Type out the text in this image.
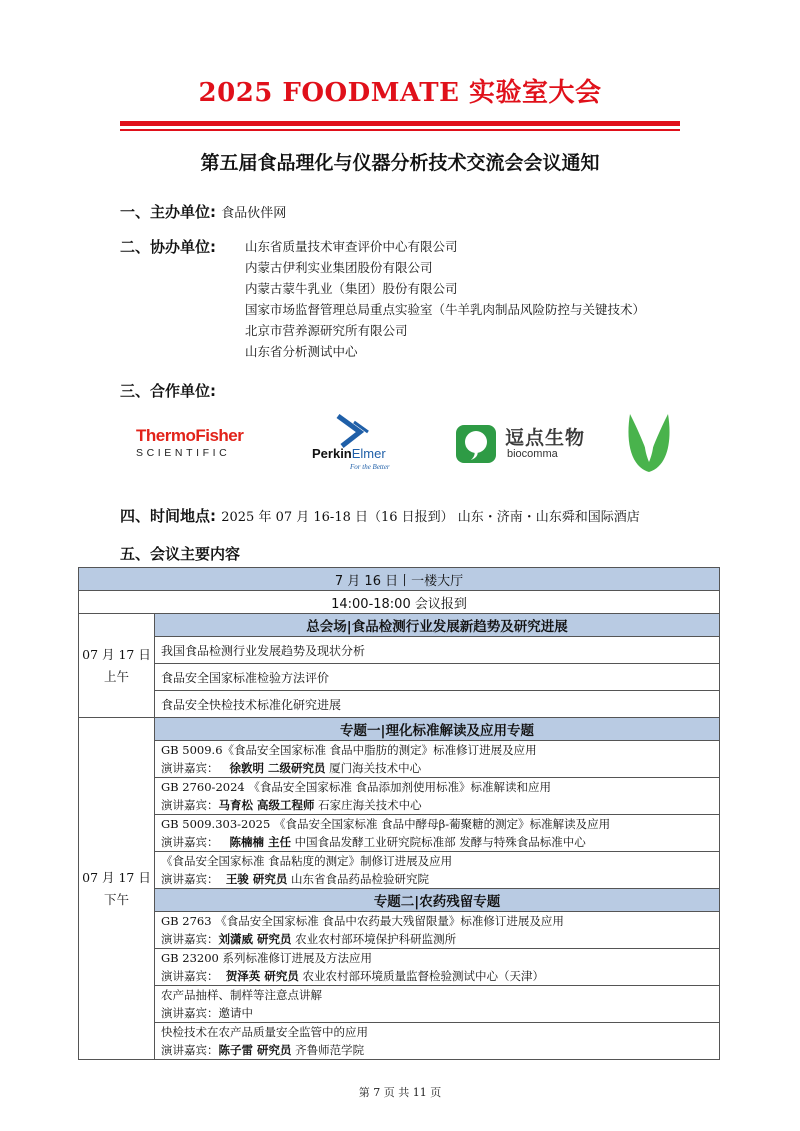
2025 FOODMATE 实验室大会
第五届食品理化与仪器分析技术交流会会议通知
一、主办单位: 食品伙伴网
二、协办单位: 山东省质量技术审查评价中心有限公司
内蒙古伊利实业集团股份有限公司
内蒙古蒙牛乳业（集团）股份有限公司
国家市场监督管理总局重点实验室（牛羊乳肉制品风险防控与关键技术）
北京市营养源研究所有限公司
山东省分析测试中心
三、合作单位:
ThermoFisher
SCIENTIFIC	PerkinElmer
For the Better
逗点生物
biocomma
四、时间地点: 2025 年 07 月 16-18 日（16 日报到） 山东・济南・山东舜和国际酒店
五、会议主要内容
7 月 16 日丨一楼大厅	
14:00-18:00 会议报到	

07 月 17 日
上午	总会场|食品检测行业发展新趋势及研究进展
	我国食品检测行业发展趋势及现状分析
	食品安全国家标准检验方法评价
	食品安全快检技术标准化研究进展

07 月 17 日
下午	专题一|理化标准解读及应用专题

	GB 5009.6《食品安全国家标准 食品中脂肪的测定》标准修订进展及应用
演讲嘉宾： 徐敦明 二级研究员 厦门海关技术中心

	GB 2760-2024 《食品安全国家标准 食品添加剂使用标准》标准解读和应用
演讲嘉宾：马育松 高级工程师 石家庄海关技术中心

	GB 5009.303-2025 《食品安全国家标准 食品中酵母β-葡聚糖的测定》标准解读及应用
演讲嘉宾： 陈楠楠 主任 中国食品发酵工业研究院标准部 发酵与特殊食品标准中心

	《食品安全国家标准 食品粘度的测定》制修订进展及应用
演讲嘉宾： 王骏 研究员 山东省食品药品检验研究院

	专题二|农药残留专题

	GB 2763 《食品安全国家标准 食品中农药最大残留限量》标准修订进展及应用
演讲嘉宾：刘潇威 研究员 农业农村部环境保护科研监测所

	GB 23200 系列标准修订进展及方法应用
演讲嘉宾： 贺泽英 研究员 农业农村部环境质量监督检验测试中心（天津）

	农产品抽样、制样等注意点讲解
演讲嘉宾：邀请中

	快检技术在农产品质量安全监管中的应用
演讲嘉宾：陈子雷 研究员 齐鲁师范学院
第 7 页 共 11 页
